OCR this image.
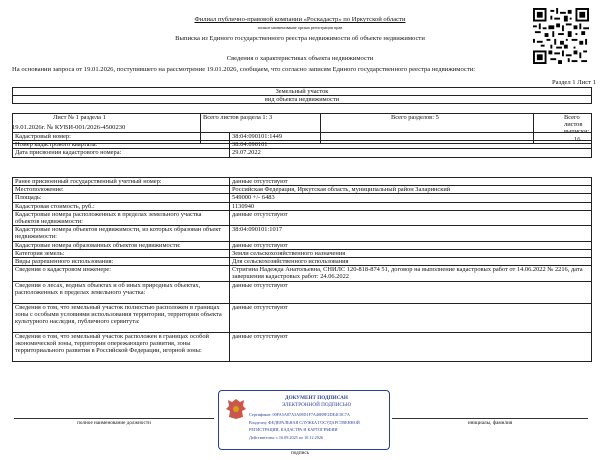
Филиал публично-правовой компании «Роскадастр» по Иркутской области
полное наименование органа регистрации прав
Выписка из Единого государственного реестра недвижимости об объекте недвижимости
Сведения о характеристиках объекта недвижимости
На основании запроса от 19.01.2026, поступившего на рассмотрение 19.01.2026, сообщаем, что согласно записям Единого государственного реестра недвижимости:
Раздел 1 Лист 1
Земельный участок
вид объекта недвижимости
Лист № 1 раздела 1	Всего листов раздела 1: 3	Всего разделов: 5	Всего листов выписки: 16
19.01.2026г. № КУВИ-001/2026-4500230
Кадастровый номер:	38:04:090101:1449
Номер кадастрового квартала:	38:04:090101
Дата присвоения кадастрового номера:	29.07.2022
Ранее присвоенный государственный учетный номер:	данные отсутствуют
Местоположение:	Российская Федерация, Иркутская область, муниципальный район Заларинский
Площадь:	549000 +/- 6483
Кадастровая стоимость, руб.:	1130940
Кадастровые номера расположенных в пределах земельного участка объектов недвижимости:	данные отсутствуют
Кадастровые номера объектов недвижимости, из которых образован объект недвижимости:	38:04:090101:1017
Кадастровые номера образованных объектов недвижимости:	данные отсутствуют
Категория земель:	Земли сельскохозяйственного назначения
Виды разрешенного использования:	Для сельскохозяйственного использования
Сведения о кадастровом инженере:	Стригина Надежда Анатольевна, СНИЛС 120-818-874 51, договор на выполнение кадастровых работ от 14.06.2022 № 2216, дата завершения кадастровых работ: 24.06.2022
Сведения о лесах, водных объектах и об иных природных объектах, расположенных в пределах земельного участка:	данные отсутствуют
Сведения о том, что земельный участок полностью расположен в границах зоны с особыми условиями использования территории, территории объекта культурного наследия, публичного сервитута:	данные отсутствуют
Сведения о том, что земельный участок расположен в границах особой экономической зоны, территории опережающего развития, зоны территориального развития в Российской Федерации, игорной зоны:	данные отсутствуют
полное наименование должности	инициалы, фамилия
подпись
ДОКУМЕНТ ПОДПИСАН
ЭЛЕКТРОННОЙ ПОДПИСЬЮ
Сертификат: 00FA5A87A3A09D1F7A40B9F2DE4C0C7A
Владелец: ФЕДЕРАЛЬНАЯ СЛУЖБА ГОСУДАРСТВЕННОЙ
РЕГИСТРАЦИИ, КАДАСТРА И КАРТОГРАФИИ
Действителен: с 16.09.2025 по 10.12.2026
